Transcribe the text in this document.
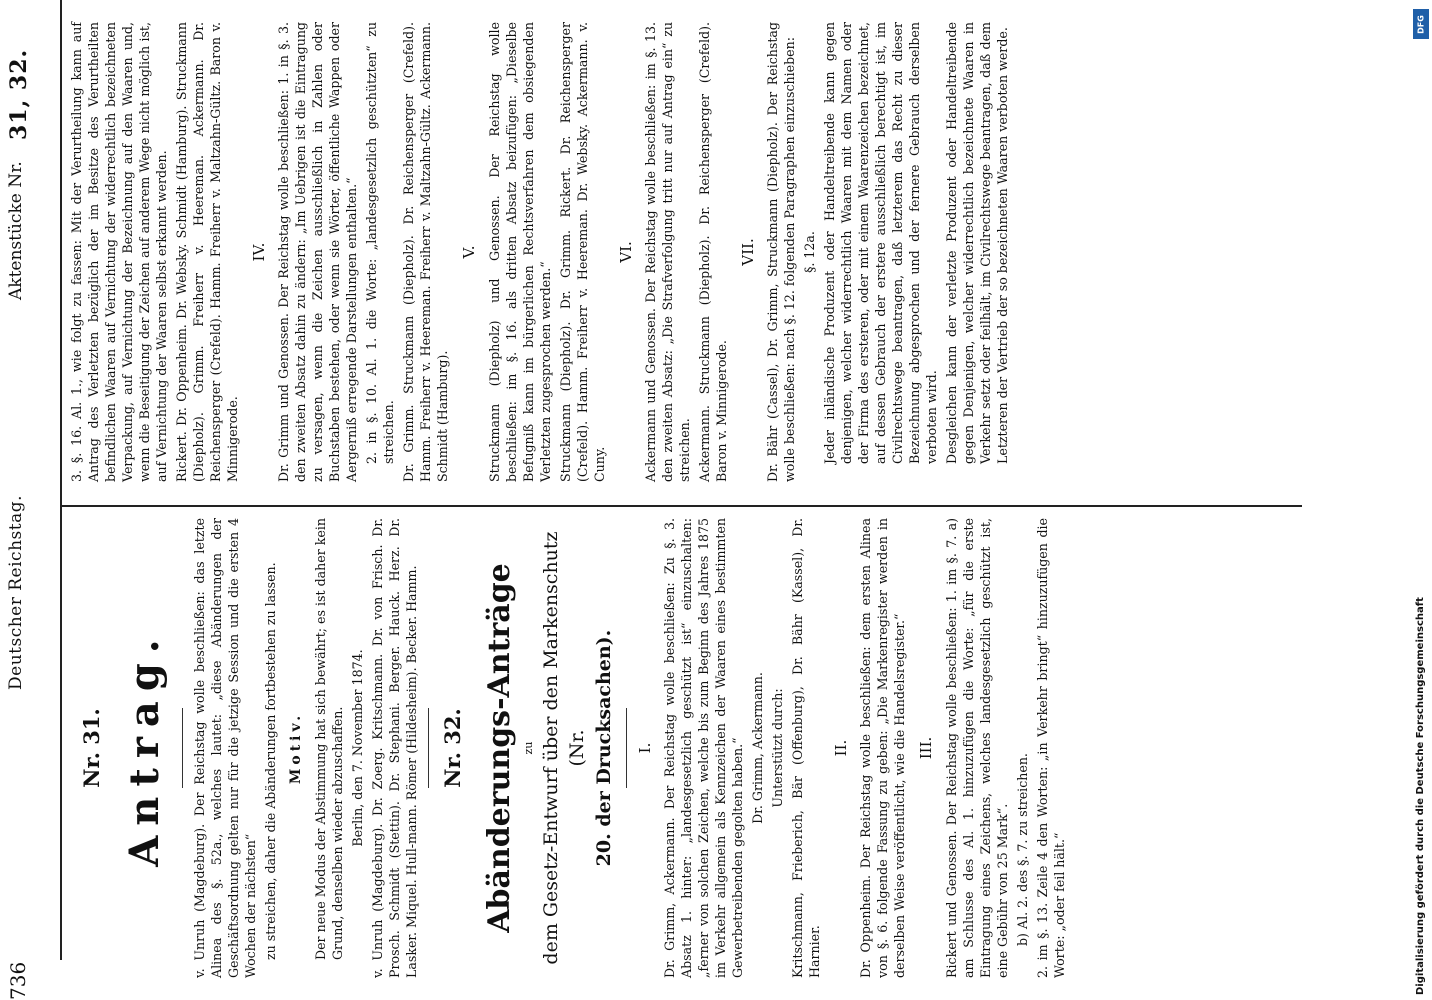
736
Deutscher Reichstag.
Aktenstücke Nr.
31, 32.
Nr. 31. Antrag.	v. Unruh (Magdeburg). Der Reichstag wolle beschließen: das letzte Alinea des §. 52a., welches lautet: „diese Abänderungen der Geschäftsordnung gelten nur für die jetzige Session und die ersten 4 Wochen der nächsten“ zu streichen, daher die Abänderungen fortbestehen zu lassen. Motiv. Der neue Modus der Abstimmung hat sich bewährt; es ist daher kein Grund, denselben wieder abzuschaffen. Berlin, den 7. November 1874. v. Unruh (Magdeburg). Dr. Zoerg. Kritschmann. Dr. von Frisch. Dr. Prosch. Schmidt (Stettin). Dr. Stephani. Berger. Hauck. Herz. Dr. Lasker. Miquel. Hull-mann. Römer (Hildesheim). Becker. Hamm. Nr. 32. Abänderungs-Anträge zu dem Gesetz-Entwurf über den Markenschutz (Nr. 20. der Drucksachen). I. Dr. Grimm, Ackermann. Der Reichstag wolle beschließen: Zu §. 3. Absatz 1. hinter: „landesgesetzlich geschützt ist“ einzuschalten: „ferner von solchen Zeichen, welche bis zum Beginn des Jahres 1875 im Verkehr allgemein als Kennzeichen der Waaren eines bestimmten Gewerbetreibenden gegolten haben.“ Dr. Grimm, Ackermann. Unterstützt durch: Kritschmann, Frieberich, Bär (Offenburg), Dr. Bähr (Kassel), Dr. Harnier.

II. Dr. Oppenheim. Der Reichstag wolle beschließen: dem ersten Alinea von §. 6. folgende Fassung zu geben: „Die Markenregister werden in derselben Weise veröffentlicht, wie die Handelsregister.“ III. Rickert und Genossen. Der Reichstag wolle beschließen: 1. im §. 7. a) am Schlusse des Al. 1. hinzuzufügen die Worte: „für die erste Eintragung eines Zeichens, welches landesgesetzlich geschützt ist, eine Gebühr von 25 Mark“. b) Al. 2. des §. 7. zu streichen. 2. im §. 13. Zeile 4 den Worten: „in Verkehr bringt“ hinzuzufügen die Worte: „oder feil hält.“

3. §. 16. Al. 1., wie folgt zu fassen: Mit der Verurtheilung kann auf Antrag des Verletzten bezüglich der im Besitze des Verurtheilten befindlichen Waaren auf Vernichtung der widerrechtlich bezeichneten Verpackung, auf Vernichtung der Bezeichnung auf den Waaren und, wenn die Beseitigung der Zeichen auf anderem Wege nicht möglich ist, auf Vernichtung der Waaren selbst erkannt werden. Rickert. Dr. Oppenheim. Dr. Websky. Schmidt (Hamburg). Struckmann (Diepholz). Grimm. Freiherr v. Heereman. Ackermann. Dr. Reichensperger (Crefeld). Hamm. Freiherr v. Maltzahn-Gültz. Baron v. Minnigerode.

IV. Dr. Grimm und Genossen. Der Reichstag wolle beschließen: 1. in §. 3. den zweiten Absatz dahin zu ändern: „Im Uebrigen ist die Eintragung zu versagen, wenn die Zeichen ausschließlich in Zahlen oder Buchstaben bestehen, oder wenn sie Wörter, öffentliche Wappen oder Aergerniß erregende Darstellungen enthalten.“ 2. in §. 10. Al. 1. die Worte: „landesgesetzlich geschützten“ zu streichen. Dr. Grimm. Struckmann (Diepholz). Dr. Reichensperger (Crefeld). Hamm. Freiherr v. Heereman. Freiherr v. Maltzahn-Gültz. Ackermann. Schmidt (Hamburg).

V. Struckmann (Diepholz) und Genossen. Der Reichstag wolle beschließen: im §. 16. als dritten Absatz beizufügen: „Dieselbe Befugniß kann im bürgerlichen Rechtsverfahren dem obsiegenden Verletzten zugesprochen werden.“ Struckmann (Diepholz). Dr. Grimm. Rickert. Dr. Reichensperger (Crefeld). Hamm. Freiherr v. Heereman. Dr. Websky. Ackermann. v. Cuny.

VI. Ackermann und Genossen. Der Reichstag wolle beschließen: im §. 13. den zweiten Absatz: „Die Strafverfolgung tritt nur auf Antrag ein“ zu streichen. Ackermann. Struckmann (Diepholz). Dr. Reichensperger (Crefeld). Baron v. Minnigerode.

VII. Dr. Bähr (Cassel), Dr. Grimm, Struckmann (Diepholz). Der Reichstag wolle beschließen: nach §. 12. folgenden Paragraphen einzuschieben: §. 12a. Jeder inländische Produzent oder Handeltreibende kann gegen denjenigen, welcher widerrechtlich Waaren mit dem Namen oder der Firma des ersteren, oder mit einem Waarenzeichen bezeichnet, auf dessen Gebrauch der erstere ausschließlich berechtigt ist, im Civilrechtswege beantragen, daß letzterem das Recht zu dieser Bezeichnung abgesprochen und der fernere Gebrauch derselben verboten wird. Desgleichen kann der verletzte Produzent oder Handeltreibende gegen Denjenigen, welcher widerrechtlich bezeichnete Waaren in Verkehr setzt oder feilhält, im Civilrechtswege beantragen, daß dem Letzteren der Vertrieb der so bezeichneten Waaren verboten werde.

Digitalisierung gefördert durch die Deutsche Forschungsgemeinschaft
DFG
